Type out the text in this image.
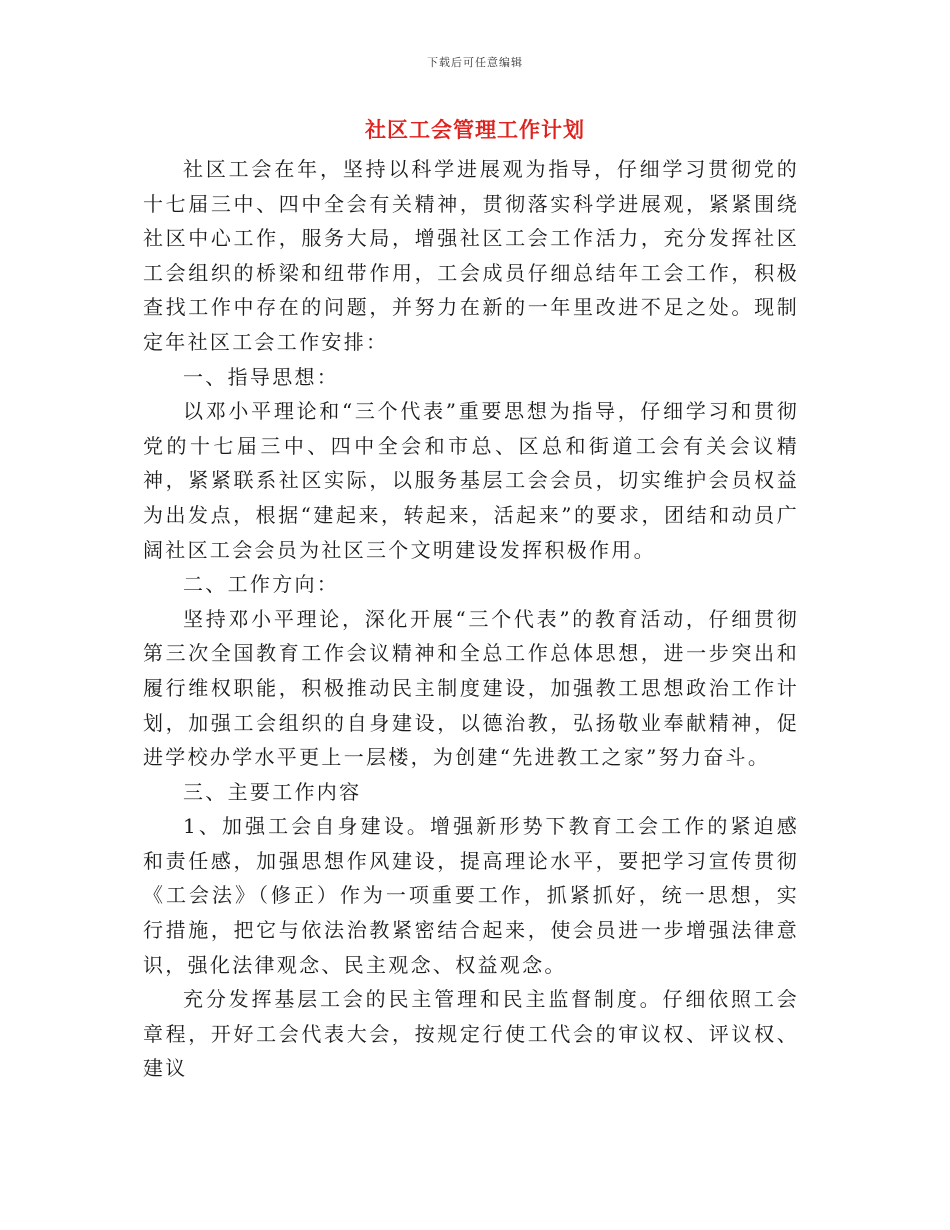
下载后可任意编辑
社区工会管理工作计划

社区工会在年，坚持以科学进展观为指导，仔细学习贯彻党的十七届三中、四中全会有关精神，贯彻落实科学进展观，紧紧围绕社区中心工作，服务大局，增强社区工会工作活力，充分发挥社区工会组织的桥梁和纽带作用，工会成员仔细总结年工会工作，积极查找工作中存在的问题，并努力在新的一年里改进不足之处。现制定年社区工会工作安排：

一、指导思想：

以邓小平理论和“三个代表”重要思想为指导，仔细学习和贯彻党的十七届三中、四中全会和市总、区总和街道工会有关会议精神，紧紧联系社区实际，以服务基层工会会员，切实维护会员权益为出发点，根据“建起来，转起来，活起来”的要求，团结和动员广阔社区工会会员为社区三个文明建设发挥积极作用。

二、工作方向：

坚持邓小平理论，深化开展“三个代表”的教育活动，仔细贯彻第三次全国教育工作会议精神和全总工作总体思想，进一步突出和履行维权职能，积极推动民主制度建设，加强教工思想政治工作计划，加强工会组织的自身建设，以德治教，弘扬敬业奉献精神，促进学校办学水平更上一层楼，为创建“先进教工之家”努力奋斗。

三、主要工作内容

1、加强工会自身建设。增强新形势下教育工会工作的紧迫感和责任感，加强思想作风建设，提高理论水平，要把学习宣传贯彻《工会法》（修正）作为一项重要工作，抓紧抓好，统一思想，实行措施，把它与依法治教紧密结合起来，使会员进一步增强法律意识，强化法律观念、民主观念、权益观念。

充分发挥基层工会的民主管理和民主监督制度。仔细依照工会章程，开好工会代表大会，按规定行使工代会的审议权、评议权、建议
